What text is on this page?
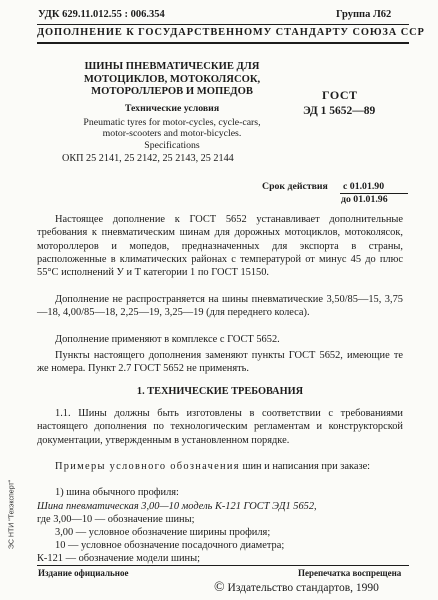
УДК 629.11.012.55 : 006.354	Группа Л62
ДОПОЛНЕНИЕ К ГОСУДАРСТВЕННОМУ СТАНДАРТУ СОЮЗА ССР
ШИНЫ ПНЕВМАТИЧЕСКИЕ ДЛЯ
МОТОЦИКЛОВ, МОТОКОЛЯСОК,
МОТОРОЛЛЕРОВ И МОПЕДОВ
Технические условия
Pneumatic tyres for motor-cycles, cycle-cars,
motor-scooters and motor-bicycles.
Specifications
ОКП 25 2141, 25 2142, 25 2143, 25 2144
ГОСТ
ЭД 1 5652—89
Срок действия с 01.01.90
до 01.01.96
Настоящее дополнение к ГОСТ 5652 устанавливает дополнительные требования к пневматическим шинам для дорожных мотоциклов, мотоколясок, мотороллеров и мопедов, предназначенных для экспорта в страны, расположенные в климатических районах с температурой от минус 45 до плюс 55°С исполнений У и Т категории 1 по ГОСТ 15150.
Дополнение не распространяется на шины пневматические 3,50/85—15, 3,75—18, 4,00/85—18, 2,25—19, 3,25—19 (для переднего колеса).
Дополнение применяют в комплексе с ГОСТ 5652.
Пункты настоящего дополнения заменяют пункты ГОСТ 5652, имеющие те же номера. Пункт 2.7 ГОСТ 5652 не применять.
1. ТЕХНИЧЕСКИЕ ТРЕБОВАНИЯ
1.1. Шины должны быть изготовлены в соответствии с требованиями настоящего дополнения по технологическим регламентам и конструкторской документации, утвержденным в установленном порядке.
Примеры условного обозначения шин и написания при заказе:
1) шина обычного профиля:
Шина пневматическая 3,00—10 модель К-121 ГОСТ ЭД1 5652,
где 3,00—10 — обозначение шины;
3,00 — условное обозначение ширины профиля;
10 — условное обозначение посадочного диаметра;
К-121 — обозначение модели шины;
ЭС НТИ "Техэксперт"
Издание официальное	Перепечатка воспрещена
© Издательство стандартов, 1990
